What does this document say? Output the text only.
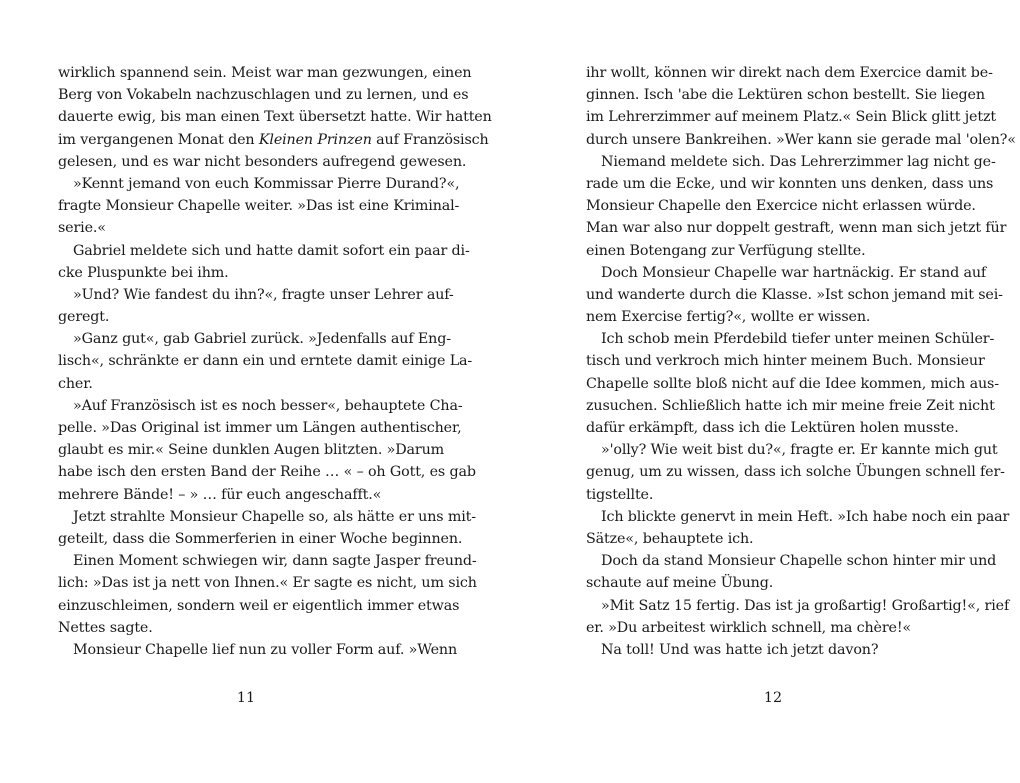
wirklich spannend sein. Meist war man gezwungen, einen
Berg von Vokabeln nachzuschlagen und zu lernen, und es
dauerte ewig, bis man einen Text übersetzt hatte. Wir hatten
im vergangenen Monat den Kleinen Prinzen auf Französisch
gelesen, und es war nicht besonders aufregend gewesen.
»Kennt jemand von euch Kommissar Pierre Durand?«,
fragte Monsieur Chapelle weiter. »Das ist eine Kriminal-
serie.«
Gabriel meldete sich und hatte damit sofort ein paar di-
cke Pluspunkte bei ihm.
»Und? Wie fandest du ihn?«, fragte unser Lehrer auf-
geregt.
»Ganz gut«, gab Gabriel zurück. »Jedenfalls auf Eng-
lisch«, schränkte er dann ein und erntete damit einige La-
cher.
»Auf Französisch ist es noch besser«, behauptete Cha-
pelle. »Das Original ist immer um Längen authentischer,
glaubt es mir.« Seine dunklen Augen blitzten. »Darum
habe isch den ersten Band der Reihe … « – oh Gott, es gab
mehrere Bände! – » … für euch angeschafft.«
Jetzt strahlte Monsieur Chapelle so, als hätte er uns mit-
geteilt, dass die Sommerferien in einer Woche beginnen.
Einen Moment schwiegen wir, dann sagte Jasper freund-
lich: »Das ist ja nett von Ihnen.« Er sagte es nicht, um sich
einzuschleimen, sondern weil er eigentlich immer etwas
Nettes sagte.
Monsieur Chapelle lief nun zu voller Form auf. »Wenn
ihr wollt, können wir direkt nach dem Exercice damit be-
ginnen. Isch 'abe die Lektüren schon bestellt. Sie liegen
im Lehrerzimmer auf meinem Platz.« Sein Blick glitt jetzt
durch unsere Bankreihen. »Wer kann sie gerade mal 'olen?«
Niemand meldete sich. Das Lehrerzimmer lag nicht ge-
rade um die Ecke, und wir konnten uns denken, dass uns
Monsieur Chapelle den Exercice nicht erlassen würde.
Man war also nur doppelt gestraft, wenn man sich jetzt für
einen Botengang zur Verfügung stellte.
Doch Monsieur Chapelle war hartnäckig. Er stand auf
und wanderte durch die Klasse. »Ist schon jemand mit sei-
nem Exercise fertig?«, wollte er wissen.
Ich schob mein Pferdebild tiefer unter meinen Schüler-
tisch und verkroch mich hinter meinem Buch. Monsieur
Chapelle sollte bloß nicht auf die Idee kommen, mich aus-
zusuchen. Schließlich hatte ich mir meine freie Zeit nicht
dafür erkämpft, dass ich die Lektüren holen musste.
»'olly? Wie weit bist du?«, fragte er. Er kannte mich gut
genug, um zu wissen, dass ich solche Übungen schnell fer-
tigstellte.
Ich blickte genervt in mein Heft. »Ich habe noch ein paar
Sätze«, behauptete ich.
Doch da stand Monsieur Chapelle schon hinter mir und
schaute auf meine Übung.
»Mit Satz 15 fertig. Das ist ja großartig! Großartig!«, rief
er. »Du arbeitest wirklich schnell, ma chère!«
Na toll! Und was hatte ich jetzt davon?
11	12
